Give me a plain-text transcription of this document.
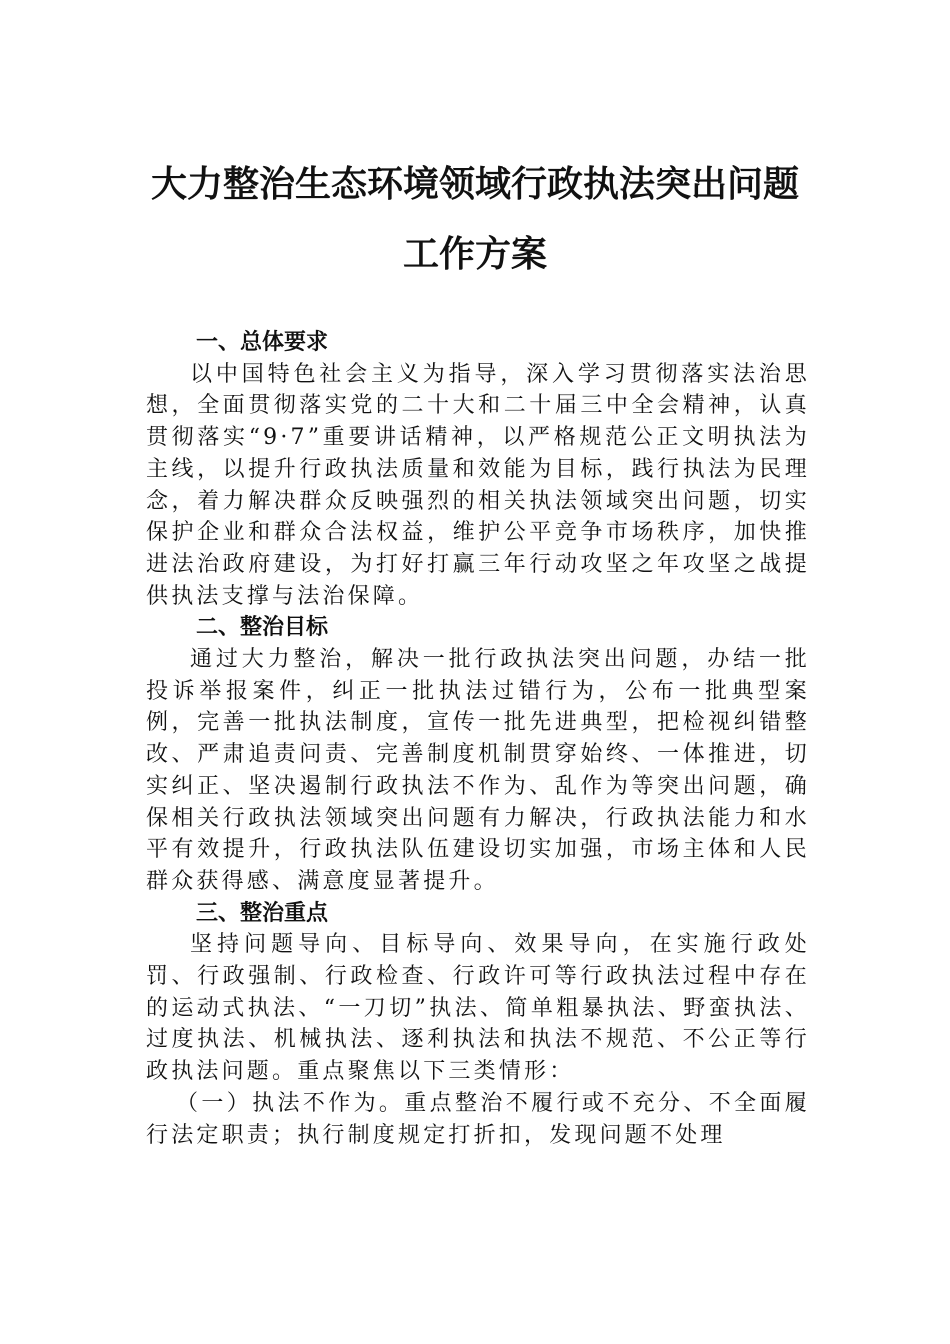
大力整治生态环境领域行政执法突出问题
工作方案
一、总体要求

以中国特色社会主义为指导，深入学习贯彻落实法治思想，全面贯彻落实党的二十大和二十届三中全会精神，认真贯彻落实“9·7”重要讲话精神，以严格规范公正文明执法为主线，以提升行政执法质量和效能为目标，践行执法为民理念，着力解决群众反映强烈的相关执法领域突出问题，切实保护企业和群众合法权益，维护公平竞争市场秩序，加快推进法治政府建设，为打好打赢三年行动攻坚之年攻坚之战提供执法支撑与法治保障。

二、整治目标

通过大力整治，解决一批行政执法突出问题，办结一批投诉举报案件，纠正一批执法过错行为，公布一批典型案例，完善一批执法制度，宣传一批先进典型，把检视纠错整改、严肃追责问责、完善制度机制贯穿始终、一体推进，切实纠正、坚决遏制行政执法不作为、乱作为等突出问题，确保相关行政执法领域突出问题有力解决，行政执法能力和水平有效提升，行政执法队伍建设切实加强，市场主体和人民群众获得感、满意度显著提升。

三、整治重点

坚持问题导向、目标导向、效果导向，在实施行政处罚、行政强制、行政检查、行政许可等行政执法过程中存在的运动式执法、“一刀切”执法、简单粗暴执法、野蛮执法、过度执法、机械执法、逐利执法和执法不规范、不公正等行政执法问题。重点聚焦以下三类情形：

（一）执法不作为。重点整治不履行或不充分、不全面履行法定职责；执行制度规定打折扣，发现问题不处理
